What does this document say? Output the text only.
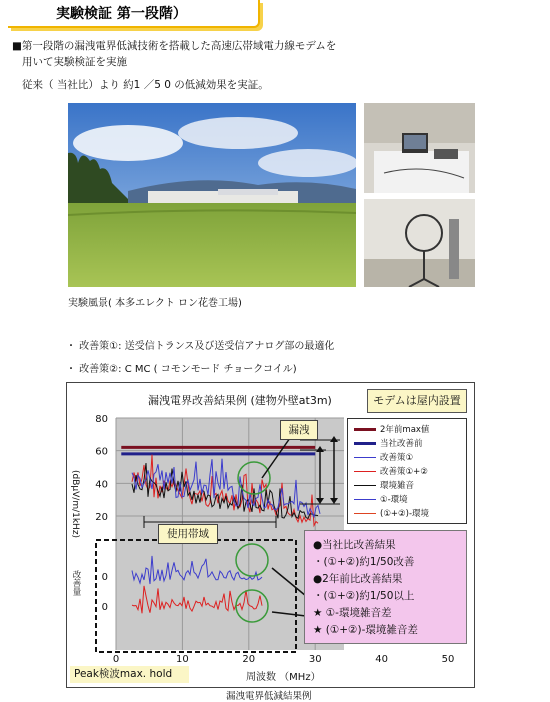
実験検証 第一段階）
■第一段階の漏洩電界低減技術を搭載した高速広帯域電力線モデムを
用いて実験検証を実施
従来（ 当社比）より 約1 ／5 0 の低減効果を実証。
実験風景( 本多エレクト ロン花巻工場)
・ 改善策①: 送受信トランス及び送受信アナログ部の最適化
・ 改善策②: C MC ( コモンモード チョークコイル)
漏洩電界改善結果例 (建物外壁at3m)	モデムは屋内設置
0	10	20	30	40	50
20
40
60
80
0
0
漏洩
使用帯域
(dBμV/m/1kHz)
改善量
2年前max値
当社改善前
改善策①
改善策①+②
環境雑音
①-環境
(①+②)-環境
●当社比改善結果
・(①+②)約1/50改善
●2年前比改善結果
・(①+②)約1/50以上
★ ①-環境雑音差
★ (①+②)-環境雑音差
Peak検波max. hold	周波数 （MHz）
漏洩電界低減結果例
